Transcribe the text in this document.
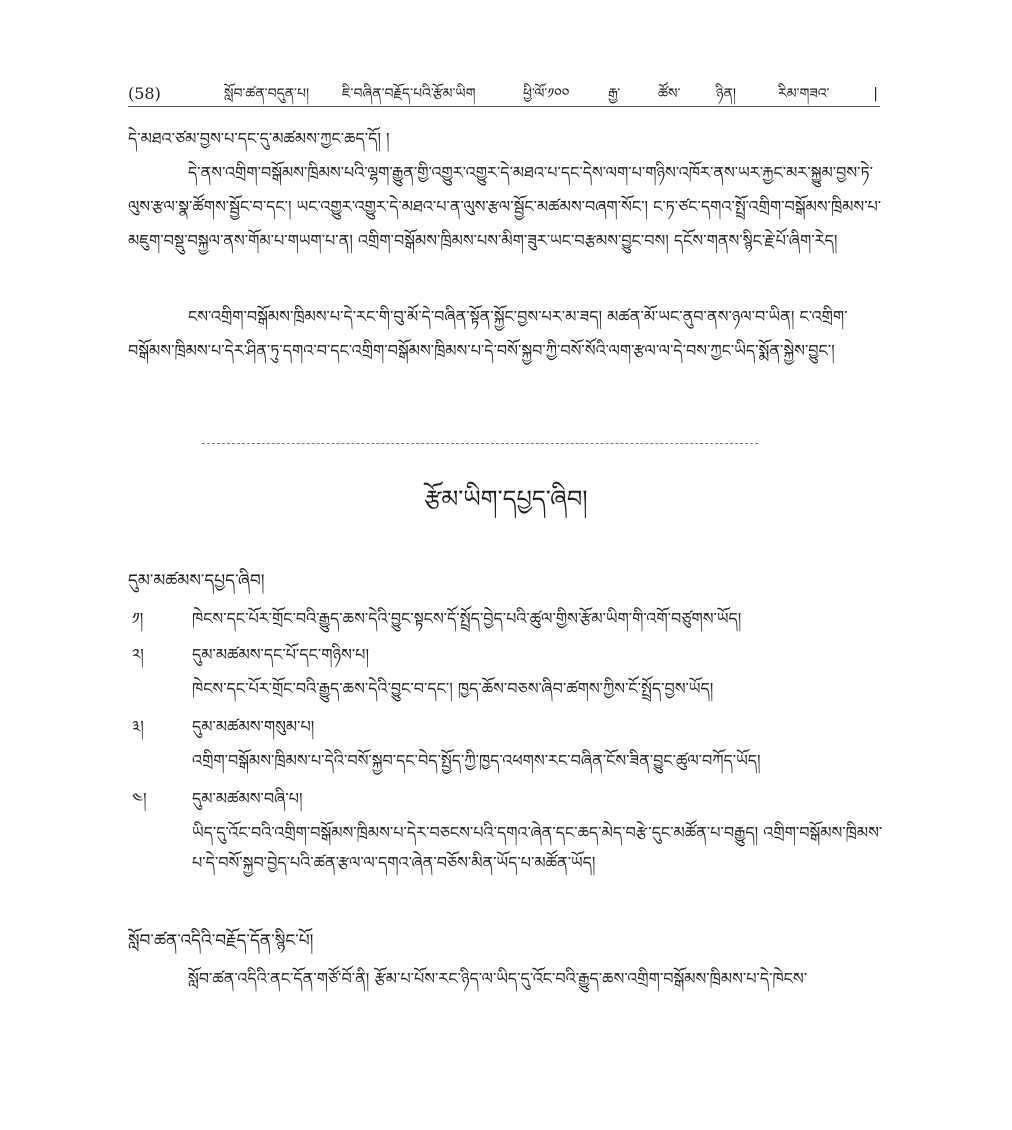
(58)	སློབ་ཚན་བདུན་པ། ཇི་བཞིན་བརྗོད་པའི་རྩོམ་ཡིག	ཕྱི་ལོ་༡༠༠	རྒྱ་	ཚོས་	ཉིན།	རིམ་གཟའ་	|

དེ་མཐའ་ཙམ་བྱས་པ་དང་དུ་མཚམས་ཀྱང་ཆད་དོ། །

དེ་ནས་འགྲིག་བསྒོམས་ཁྲིམས་པའི་ལྷག་རྒྱུན་གྱི་འགྱུར་འགྱུར་དེ་མཐའ་པ་དང་དེས་ལག་པ་གཉིས་འཁོར་ནས་ཡར་རྐྱང་མར་སྐྱུམ་བྱས་ཏེ་ལུས་རྩལ་སྣ་ཚོགས་སྦྱོང་བ་དང་། ཡང་འགྱུར་འགྱུར་དེ་མཐའ་པ་ན་ལུས་རྩལ་སྦྱོང་མཚམས་བཞག་སོང་། ང་ཏ་ཙང་དགའ་སྤྲོ་འགྲིག་བསྒོམས་ཁྲིམས་པ་མཇུག་བསྡུ་བསྐྱལ་ནས་གོམ་པ་གཡག་པ་ན། འགྲིག་བསྒོམས་ཁྲིམས་པས་མིག་ཟུར་ཡང་བརྩམས་བྱུང་བས། དངོས་གནས་སྙིང་རྗེ་པོ་ཞིག་རེད།

ངས་འགྲིག་བསྒོམས་ཁྲིམས་པ་དེ་རང་གི་བུ་མོ་དེ་བཞིན་སྟོན་སྐྱོང་བྱས་པར་མ་ཟད། མཚན་མོ་ཡང་ནུབ་ནས་ཉལ་བ་ཡིན། ང་འགྲིག་བསྒོམས་ཁྲིམས་པ་དེར་ཤིན་ཏུ་དགའ་བ་དང་འགྲིག་བསྒོམས་ཁྲིམས་པ་དེ་བསོ་སྐྱབ་ཀྱི་བསོ་སོའི་ལག་རྩལ་ལ་དེ་བས་ཀྱང་ཡིད་སྨོན་སྐྱེས་བྱུང་།

རྩོམ་ཡིག་དཔྱད་ཞིབ།
དུམ་མཚམས་དཔྱད་ཞིབ།
༡།	ཁེངས་དང་པོར་གྲོང་བའི་རྒྱུད་ཆས་དེའི་བྱུང་སྟངས་དོ་སྤྲོད་བྱེད་པའི་ཚུལ་གྱིས་རྩོམ་ཡིག་གི་འགོ་བཙུགས་ཡོད།
༢།	དུམ་མཚམས་དང་པོ་དང་གཉིས་པ།
ཁེངས་དང་པོར་གྲོང་བའི་རྒྱུད་ཆས་དེའི་བྱུང་བ་དང་། ཁྱད་ཆོས་བཅས་ཞིབ་ཚགས་ཀྱིས་ངོ་སྤྲོད་བྱས་ཡོད།
༣།	དུམ་མཚམས་གསུམ་པ།
འགྲིག་བསྒོམས་ཁྲིམས་པ་དེའི་བསོ་སྐྱབ་དང་བེད་སྤྱོད་ཀྱི་ཁྱད་འཕགས་རང་བཞིན་ངོས་ཟིན་བྱུང་ཚུལ་བཀོད་ཡོད།
༤།	དུམ་མཚམས་བཞི་པ།
ཡིད་དུ་འོང་བའི་འགྲིག་བསྒོམས་ཁྲིམས་པ་དེར་བཅངས་པའི་དགའ་ཞེན་དང་ཆད་མེད་བརྩེ་དུང་མཚོན་པ་བརྒྱུད། འགྲིག་བསྒོམས་ཁྲིམས་པ་དེ་བསོ་སྐྱབ་བྱེད་པའི་ཚན་རྩལ་ལ་དགའ་ཞེན་བཅོས་མིན་ཡོད་པ་མཚོན་ཡོད།
སློབ་ཚན་འདིའི་བརྗོད་དོན་སྙིང་པོ།

སློབ་ཚན་འདིའི་ནང་དོན་གཙོ་བོ་ནི། རྩོམ་པ་པོས་རང་ཉིད་ལ་ཡིད་དུ་འོང་བའི་རྒྱུད་ཆས་འགྲིག་བསྒོམས་ཁྲིམས་པ་དེ་ཁེངས་
